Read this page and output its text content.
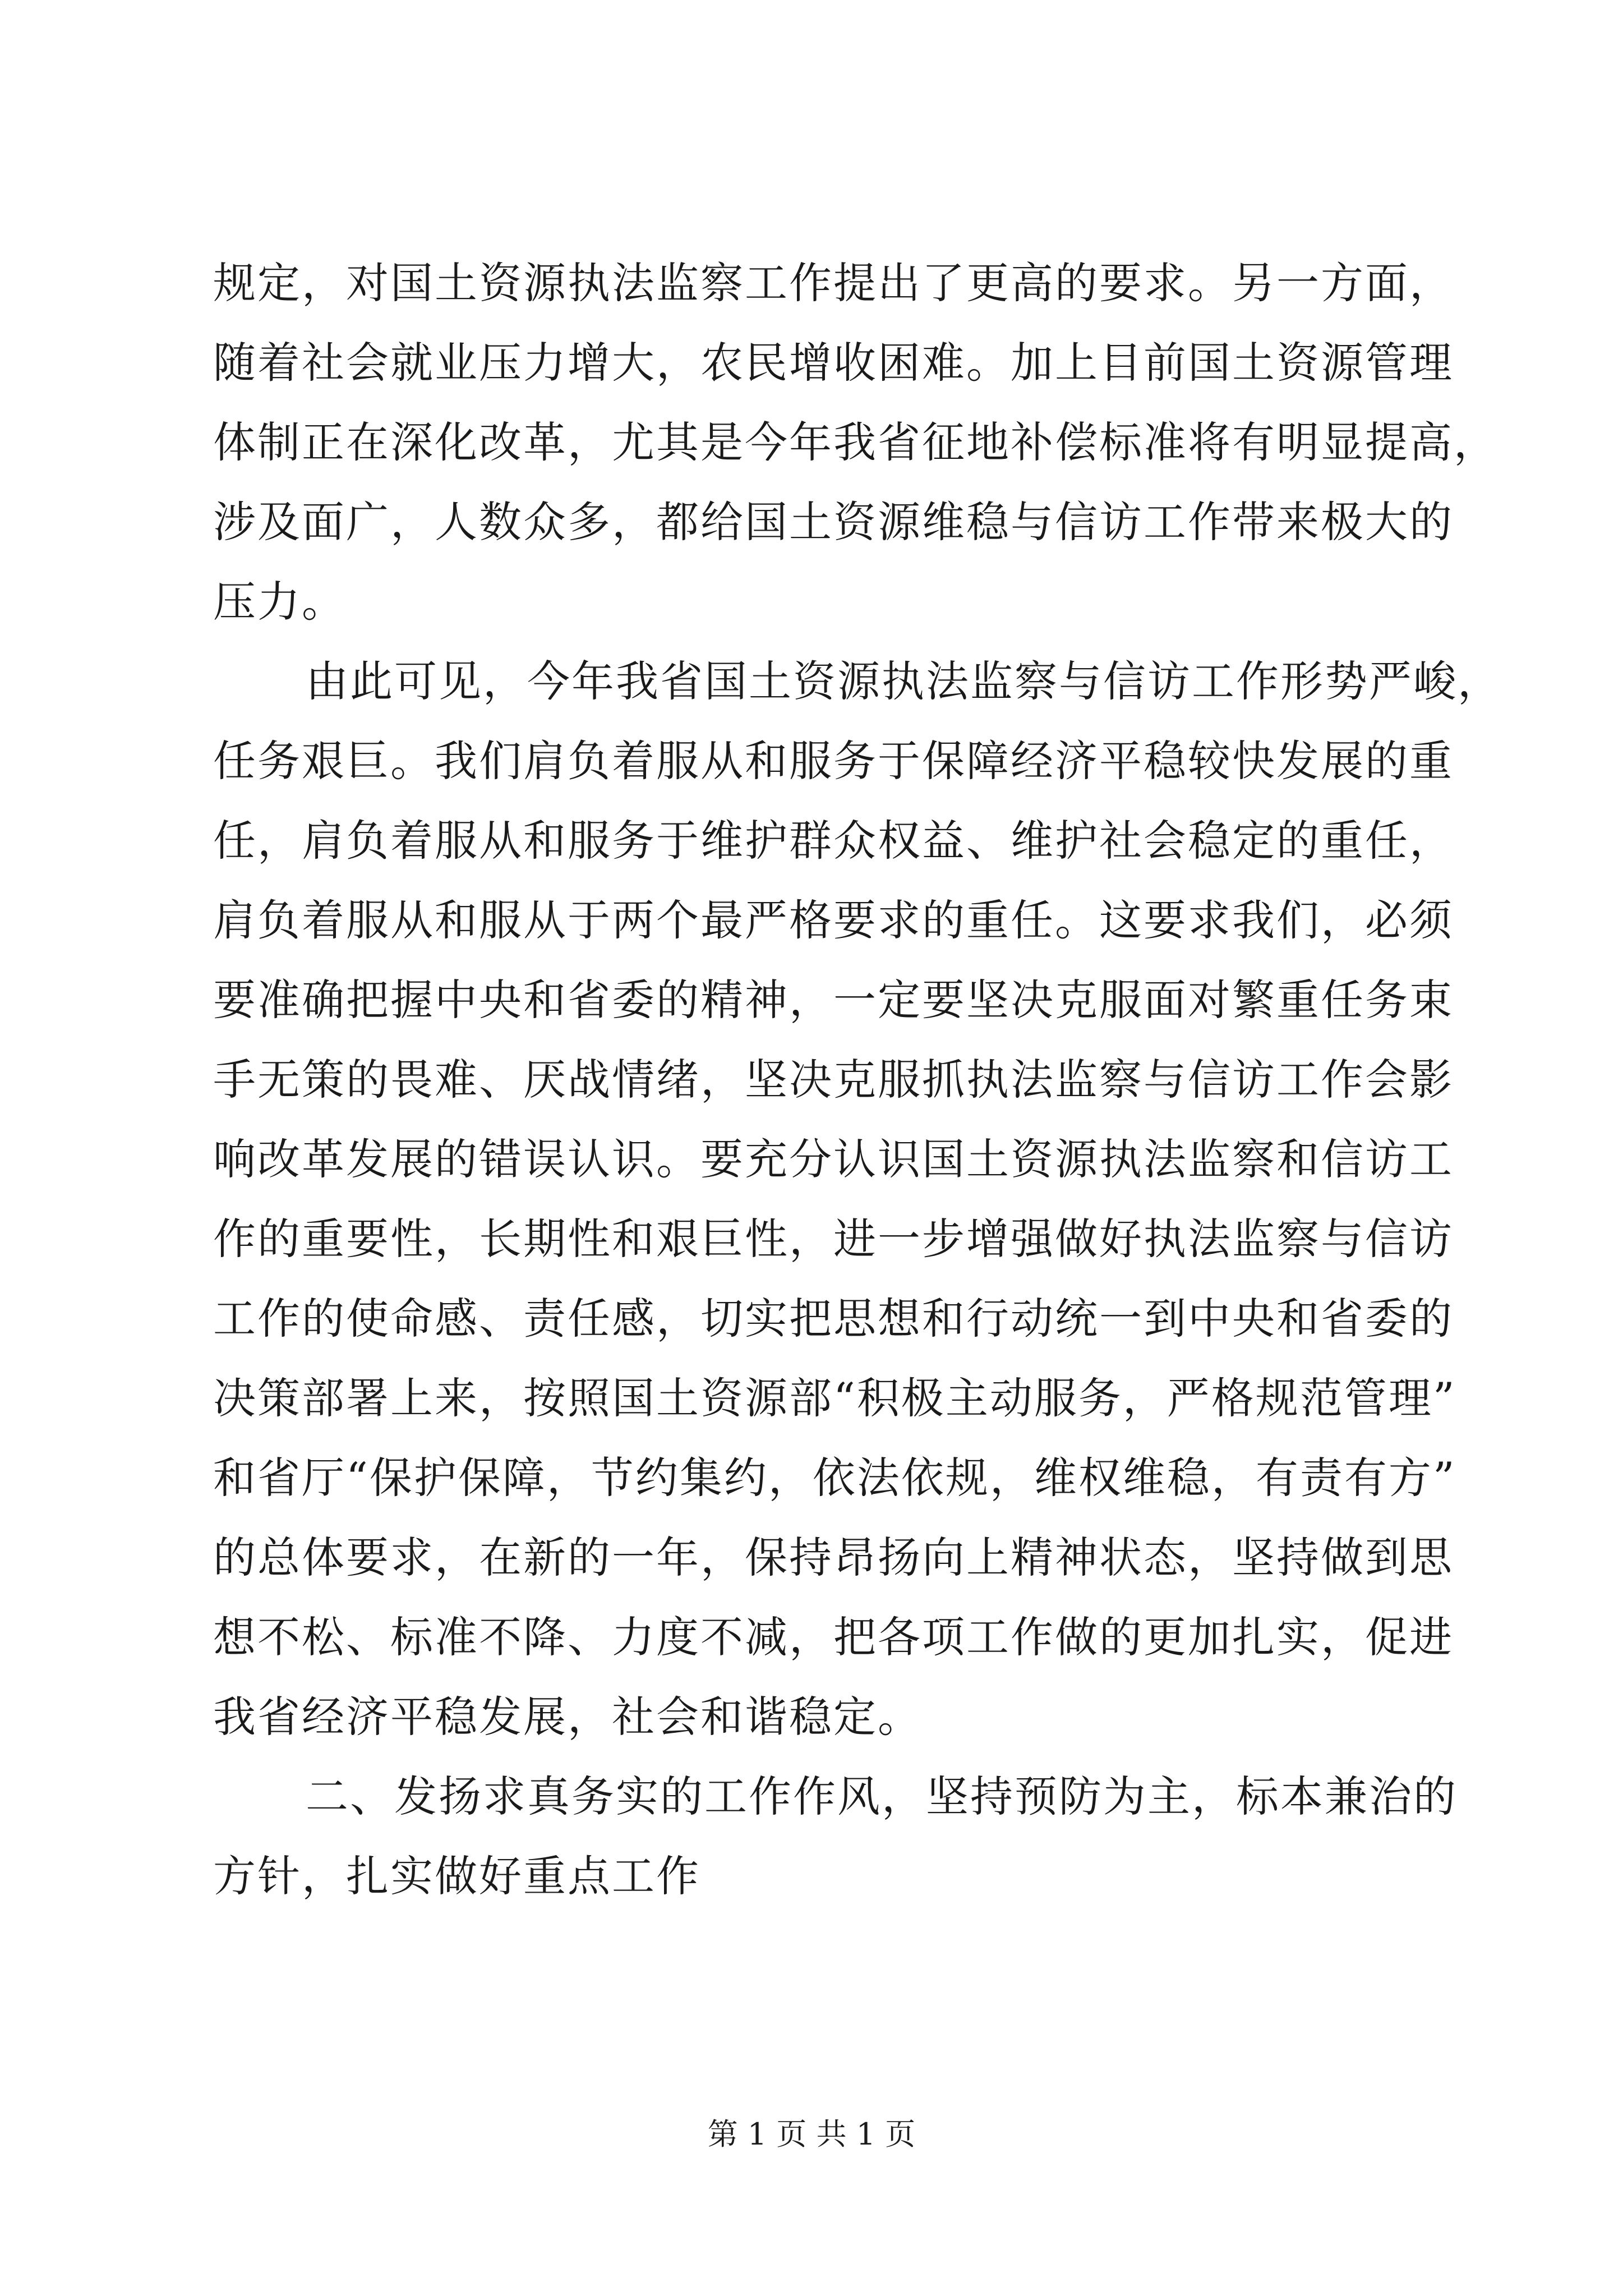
规定，对国土资源执法监察工作提出了更高的要求。另一方面，
随着社会就业压力增大，农民增收困难。加上目前国土资源管理
体制正在深化改革，尤其是今年我省征地补偿标准将有明显提高，
涉及面广，人数众多，都给国土资源维稳与信访工作带来极大的
压力。
由此可见，今年我省国土资源执法监察与信访工作形势严峻，
任务艰巨。我们肩负着服从和服务于保障经济平稳较快发展的重
任，肩负着服从和服务于维护群众权益、维护社会稳定的重任，
肩负着服从和服从于两个最严格要求的重任。这要求我们，必须
要准确把握中央和省委的精神，一定要坚决克服面对繁重任务束
手无策的畏难、厌战情绪，坚决克服抓执法监察与信访工作会影
响改革发展的错误认识。要充分认识国土资源执法监察和信访工
作的重要性，长期性和艰巨性，进一步增强做好执法监察与信访
工作的使命感、责任感，切实把思想和行动统一到中央和省委的
决策部署上来，按照国土资源部“积极主动服务，严格规范管理”
和省厅“保护保障，节约集约，依法依规，维权维稳，有责有方”
的总体要求，在新的一年，保持昂扬向上精神状态，坚持做到思
想不松、标准不降、力度不减，把各项工作做的更加扎实，促进
我省经济平稳发展，社会和谐稳定。
二、发扬求真务实的工作作风，坚持预防为主，标本兼治的
方针，扎实做好重点工作
第 1 页 共 1 页
